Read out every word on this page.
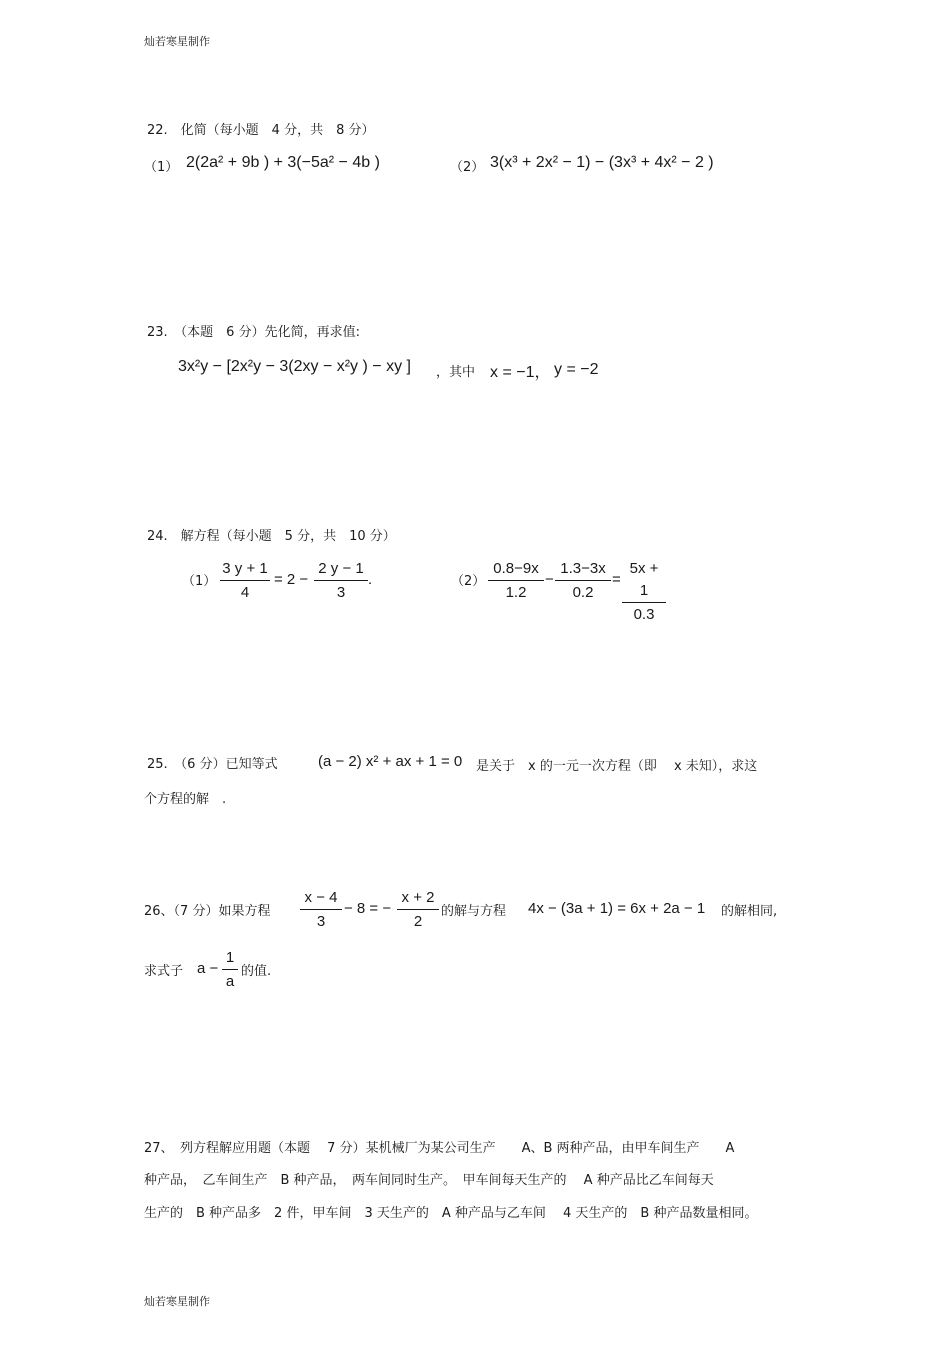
灿若寒星制作
灿若寒星制作
22.　化简（每小题　4 分，共　8 分）
（1） 2(2a² + 9b ) + 3(−5a² − 4b )	（2） 3(x³ + 2x² − 1) − (3x³ + 4x² − 2 )
23.　（本题　6 分）先化简，再求值:
3x²y − [2x²y − 3(2xy − x²y ) − xy ] ，其中 x = −1， y = −2
24.　解方程（每小题　5 分，共　10 分）
$(1) \frac{3 y + 1}{4} = 2 - \frac{2 y - 1}{3}$ .	$(2) \frac{0.8-9x}{1.2} - \frac{1.3-3x}{0.2} = \frac{5x + 1}{0.3}$
25.　（6 分）已知等式	(a − 2) x² + ax + 1 = 0 是关于　x 的一元一次方程（即　 x 未知），求这
个方程的解　.
26、（7 分）如果方程 $\frac{x - 4}{3} - 8$ = − $\frac{x + 2}{2}$ 的解与方程 4x − (3a + 1) = 6x + 2a − 1 的解相同,
求式子 $a - \frac{1}{a}$ 的值.
27、　列方程解应用题（本题　 7 分）某机械厂为某公司生产　　A、B 两种产品，由甲车间生产　　A
种产品，　乙车间生产　B 种产品，　两车间同时生产。　甲车间每天生产的　 A 种产品比乙车间每天
生产的　B 种产品多　2 件，甲车间　3 天生产的　A 种产品与乙车间　 4 天生产的　B 种产品数量相同。
